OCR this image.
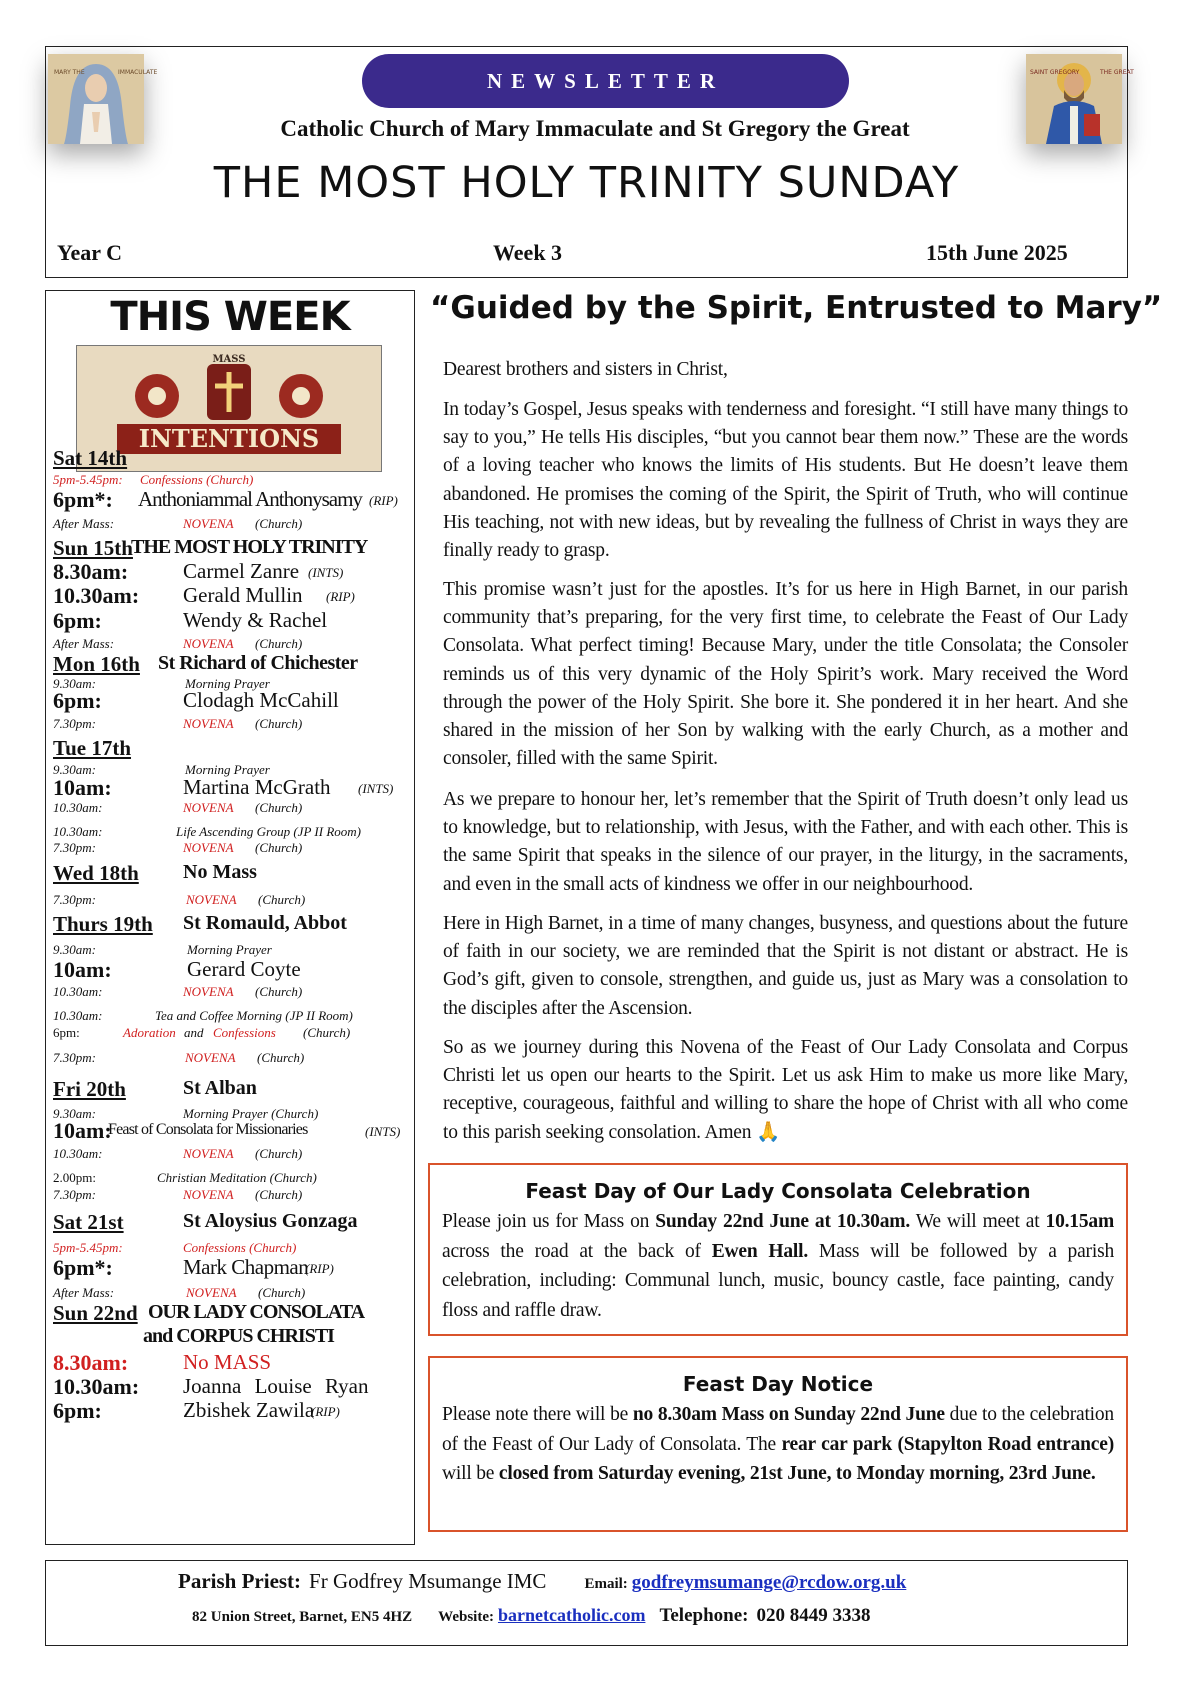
MARY THE	IMMACULATE	SAINT GREGORY	THE GREAT
NEWSLETTER
Catholic Church of Mary Immaculate and St Gregory the Great
THE MOST HOLY TRINITY SUNDAY
Year C	Week 3	15th June 2025
THIS WEEK
MASS
INTENTIONS
Sat 14th
5pm-5.45pm: Confessions (Church)
6pm*: Anthoniammal Anthonysamy (RIP)
After Mass:	NOVENA (Church)
Sun 15th
THE MOST HOLY TRINITY
8.30am:	Carmel Zanre (INTS)
10.30am: Gerald Mullin (RIP)
6pm:	Wendy & Rachel
After Mass:	NOVENA (Church)
Mon 16th St Richard of Chichester
9.30am:	Morning Prayer
6pm:	Clodagh McCahill
7.30pm:	NOVENA (Church)
Tue 17th
9.30am:	Morning Prayer
10am:	Martina McGrath (INTS)
10.30am:	NOVENA (Church)
10.30am:	Life Ascending Group (JP II Room)
7.30pm:	NOVENA (Church)
Wed 18th No Mass
7.30pm:	NOVENA (Church)
Thurs 19th St Romauld, Abbot
9.30am:	Morning Prayer
10am:	Gerard Coyte
10.30am:	NOVENA (Church)
10.30am:	Tea and Coffee Morning (JP II Room)
6pm:	Adoration and Confessions (Church)
7.30pm:	NOVENA (Church)
Fri 20th	St Alban
9.30am:	Morning Prayer (Church)
10am:
Feast of Consolata for Missionaries	(INTS)
10.30am:	NOVENA (Church)
2.00pm:	Christian Meditation (Church)
7.30pm:	NOVENA (Church)
Sat 21st	St Aloysius Gonzaga
5pm-5.45pm:	Confessions (Church)
6pm*:	Mark Chapman
(RIP)
After Mass:	NOVENA (Church)
Sun 22nd OUR LADY CONSOLATA
and CORPUS CHRISTI
8.30am:	No MASS
10.30am: Joanna Louise Ryan
6pm:	Zbishek Zawila
(RIP)
“Guided by the Spirit, Entrusted to Mary”

Dearest brothers and sisters in Christ,

In today’s Gospel, Jesus speaks with tenderness and foresight. “I still have many things to say to you,” He tells His disciples, “but you cannot bear them now.” These are the words of a loving teacher who knows the limits of His students. But He doesn’t leave them abandoned. He promises the coming of the Spirit, the Spirit of Truth, who will continue His teaching, not with new ideas, but by revealing the fullness of Christ in ways they are finally ready to grasp.

This promise wasn’t just for the apostles. It’s for us here in High Barnet, in our parish community that’s preparing, for the very first time, to celebrate the Feast of Our Lady Consolata. What perfect timing! Because Mary, under the title Consolata; the Consoler reminds us of this very dynamic of the Holy Spirit’s work. Mary received the Word through the power of the Holy Spirit. She bore it. She pondered it in her heart. And she shared in the mission of her Son by walking with the early Church, as a mother and consoler, filled with the same Spirit.

As we prepare to honour her, let’s remember that the Spirit of Truth doesn’t only lead us to knowledge, but to relationship, with Jesus, with the Father, and with each other. This is the same Spirit that speaks in the silence of our prayer, in the liturgy, in the sacraments, and even in the small acts of kindness we offer in our neighbourhood.

Here in High Barnet, in a time of many changes, busyness, and questions about the future of faith in our society, we are reminded that the Spirit is not distant or abstract. He is God’s gift, given to console, strengthen, and guide us, just as Mary was a consolation to the disciples after the Ascension.

So as we journey during this Novena of the Feast of Our Lady Consolata and Corpus Christi let us open our hearts to the Spirit. Let us ask Him to make us more like Mary, receptive, courageous, faithful and willing to share the hope of Christ with all who come to this parish seeking consolation. Amen 🙏

Feast Day of Our Lady Consolata Celebration
Please join us for Mass on Sunday 22nd June at 10.30am. We will meet at 10.15am across the road at the back of Ewen Hall. Mass will be followed by a parish celebration, including: Communal lunch, music, bouncy castle, face painting, candy floss and raffle draw.
Feast Day Notice
Please note there will be no 8.30am Mass on Sunday 22nd June due to the celebration of the Feast of Our Lady of Consolata. The rear car park (Stapylton Road entrance) will be closed from Saturday evening, 21st June, to Monday morning, 23rd June.
Parish Priest: Fr Godfrey Msumange IMC	Email: godfreymsumange@rcdow.org.uk
82 Union Street, Barnet, EN5 4HZ Website: barnetcatholic.com Telephone: 020 8449 3338
